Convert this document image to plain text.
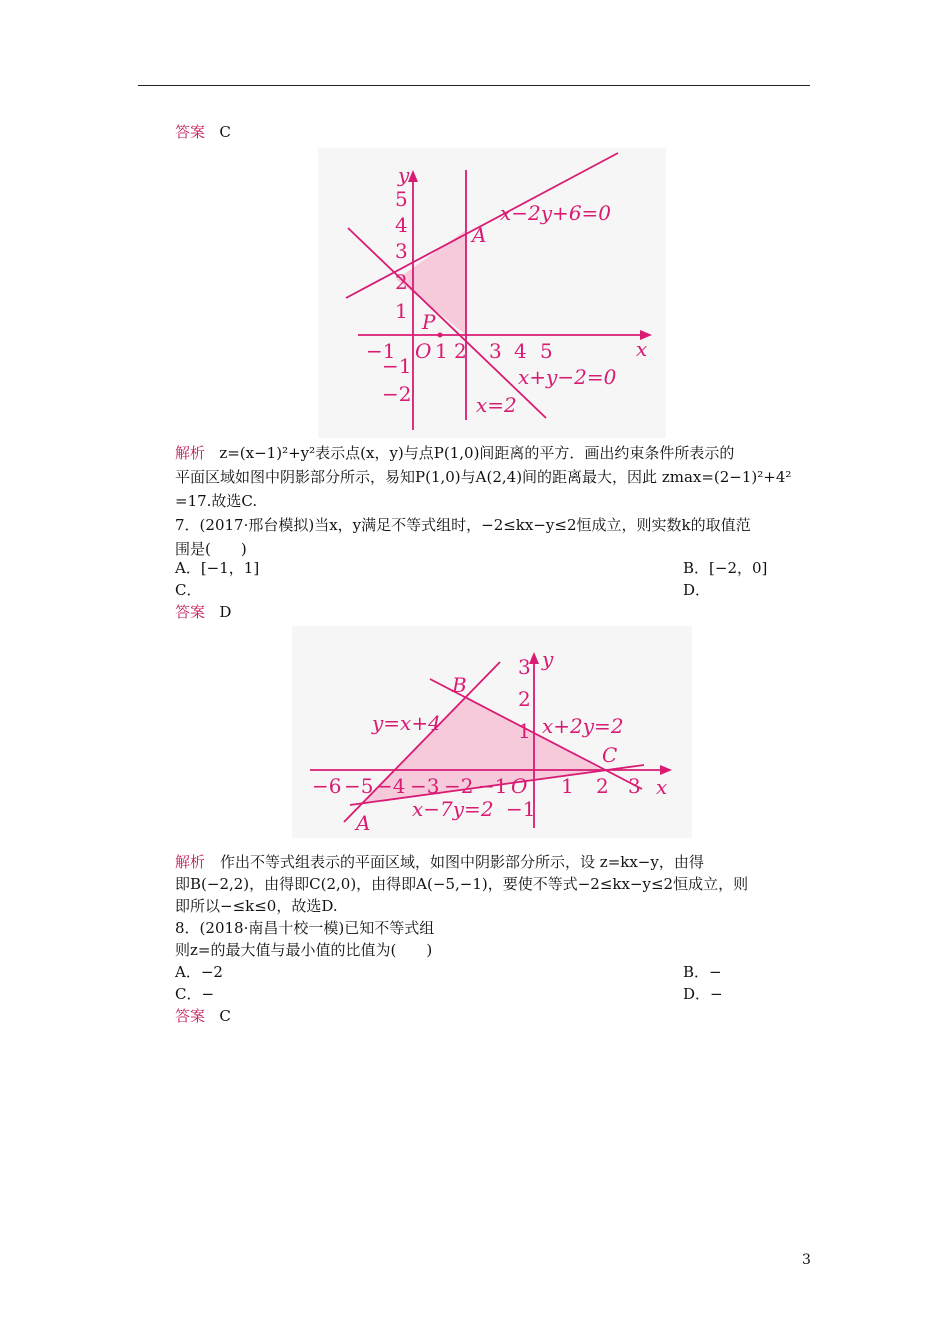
答案 C
y
x
5
4
3
2
1
−1
−2
−1 O 1 2 3 4 5
P
A
x−2y+6=0
x+y−2=0
x=2
解析 z=(x−1)²+y²表示点(x，y)与点P(1,0)间距离的平方．画出约束条件所表示的
平面区域如图中阴影部分所示，易知P(1,0)与A(2,4)间的距离最大，因此 zmax=(2−1)²+4²
=17.故选C.
7．(2017·邢台模拟)当x，y满足不等式组时，−2≤kx−y≤2恒成立，则实数k的取值范
围是(　　)
A．[−1，1]	B．[−2，0]
C．	D．
答案 D
y
x
3
2
1
−1
−6 −5 −4 −3 −2 −1 O 1 2 3
A
B
C
y=x+4	x+2y=2
x−7y=2
解析　作出不等式组表示的平面区域，如图中阴影部分所示，设 z=kx−y，由得
即B(−2,2)，由得即C(2,0)，由得即A(−5,−1)，要使不等式−2≤kx−y≤2恒成立，则
即所以−≤k≤0，故选D.
8．(2018·南昌十校一模)已知不等式组
则z=的最大值与最小值的比值为(　　)
A．−2	B．−
C．−	D．−
答案 C
3
